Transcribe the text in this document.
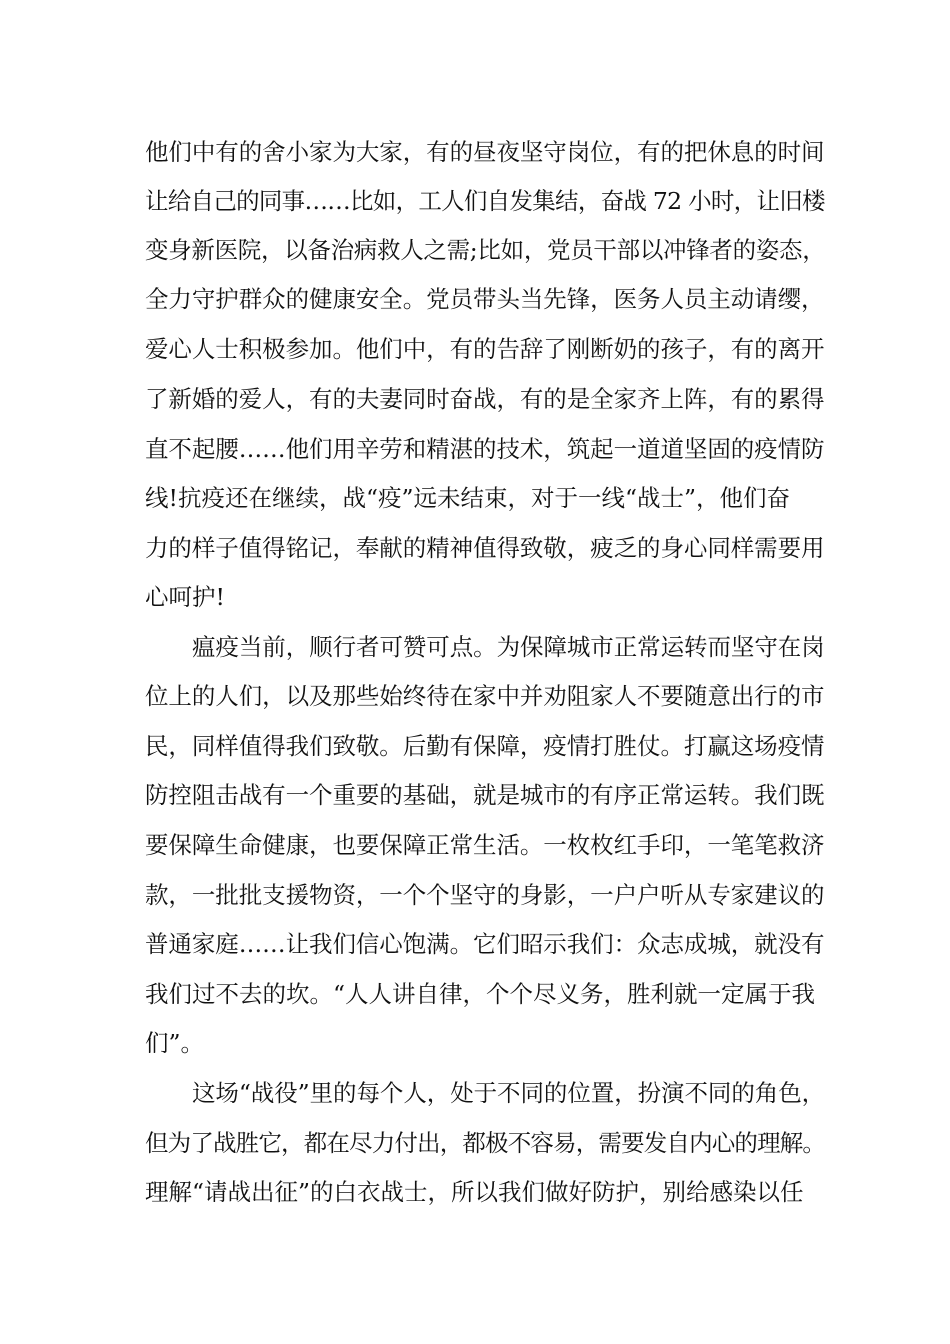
他们中有的舍小家为大家，有的昼夜坚守岗位，有的把休息的时间
让给自己的同事……比如，工人们自发集结，奋战 72 小时，让旧楼
变身新医院，以备治病救人之需;比如，党员干部以冲锋者的姿态，
全力守护群众的健康安全。党员带头当先锋，医务人员主动请缨，
爱心人士积极参加。他们中，有的告辞了刚断奶的孩子，有的离开
了新婚的爱人，有的夫妻同时奋战，有的是全家齐上阵，有的累得
直不起腰……他们用辛劳和精湛的技术，筑起一道道坚固的疫情防
线!抗疫还在继续，战“疫”远未结束，对于一线“战士”，他们奋
力的样子值得铭记，奉献的精神值得致敬，疲乏的身心同样需要用
心呵护!
瘟疫当前，顺行者可赞可点。为保障城市正常运转而坚守在岗
位上的人们，以及那些始终待在家中并劝阻家人不要随意出行的市
民，同样值得我们致敬。后勤有保障，疫情打胜仗。打赢这场疫情
防控阻击战有一个重要的基础，就是城市的有序正常运转。我们既
要保障生命健康，也要保障正常生活。一枚枚红手印，一笔笔救济
款，一批批支援物资，一个个坚守的身影，一户户听从专家建议的
普通家庭……让我们信心饱满。它们昭示我们：众志成城，就没有
我们过不去的坎。“人人讲自律，个个尽义务，胜利就一定属于我
们”。
这场“战役”里的每个人，处于不同的位置，扮演不同的角色，
但为了战胜它，都在尽力付出，都极不容易，需要发自内心的理解。
理解“请战出征”的白衣战士，所以我们做好防护，别给感染以任
